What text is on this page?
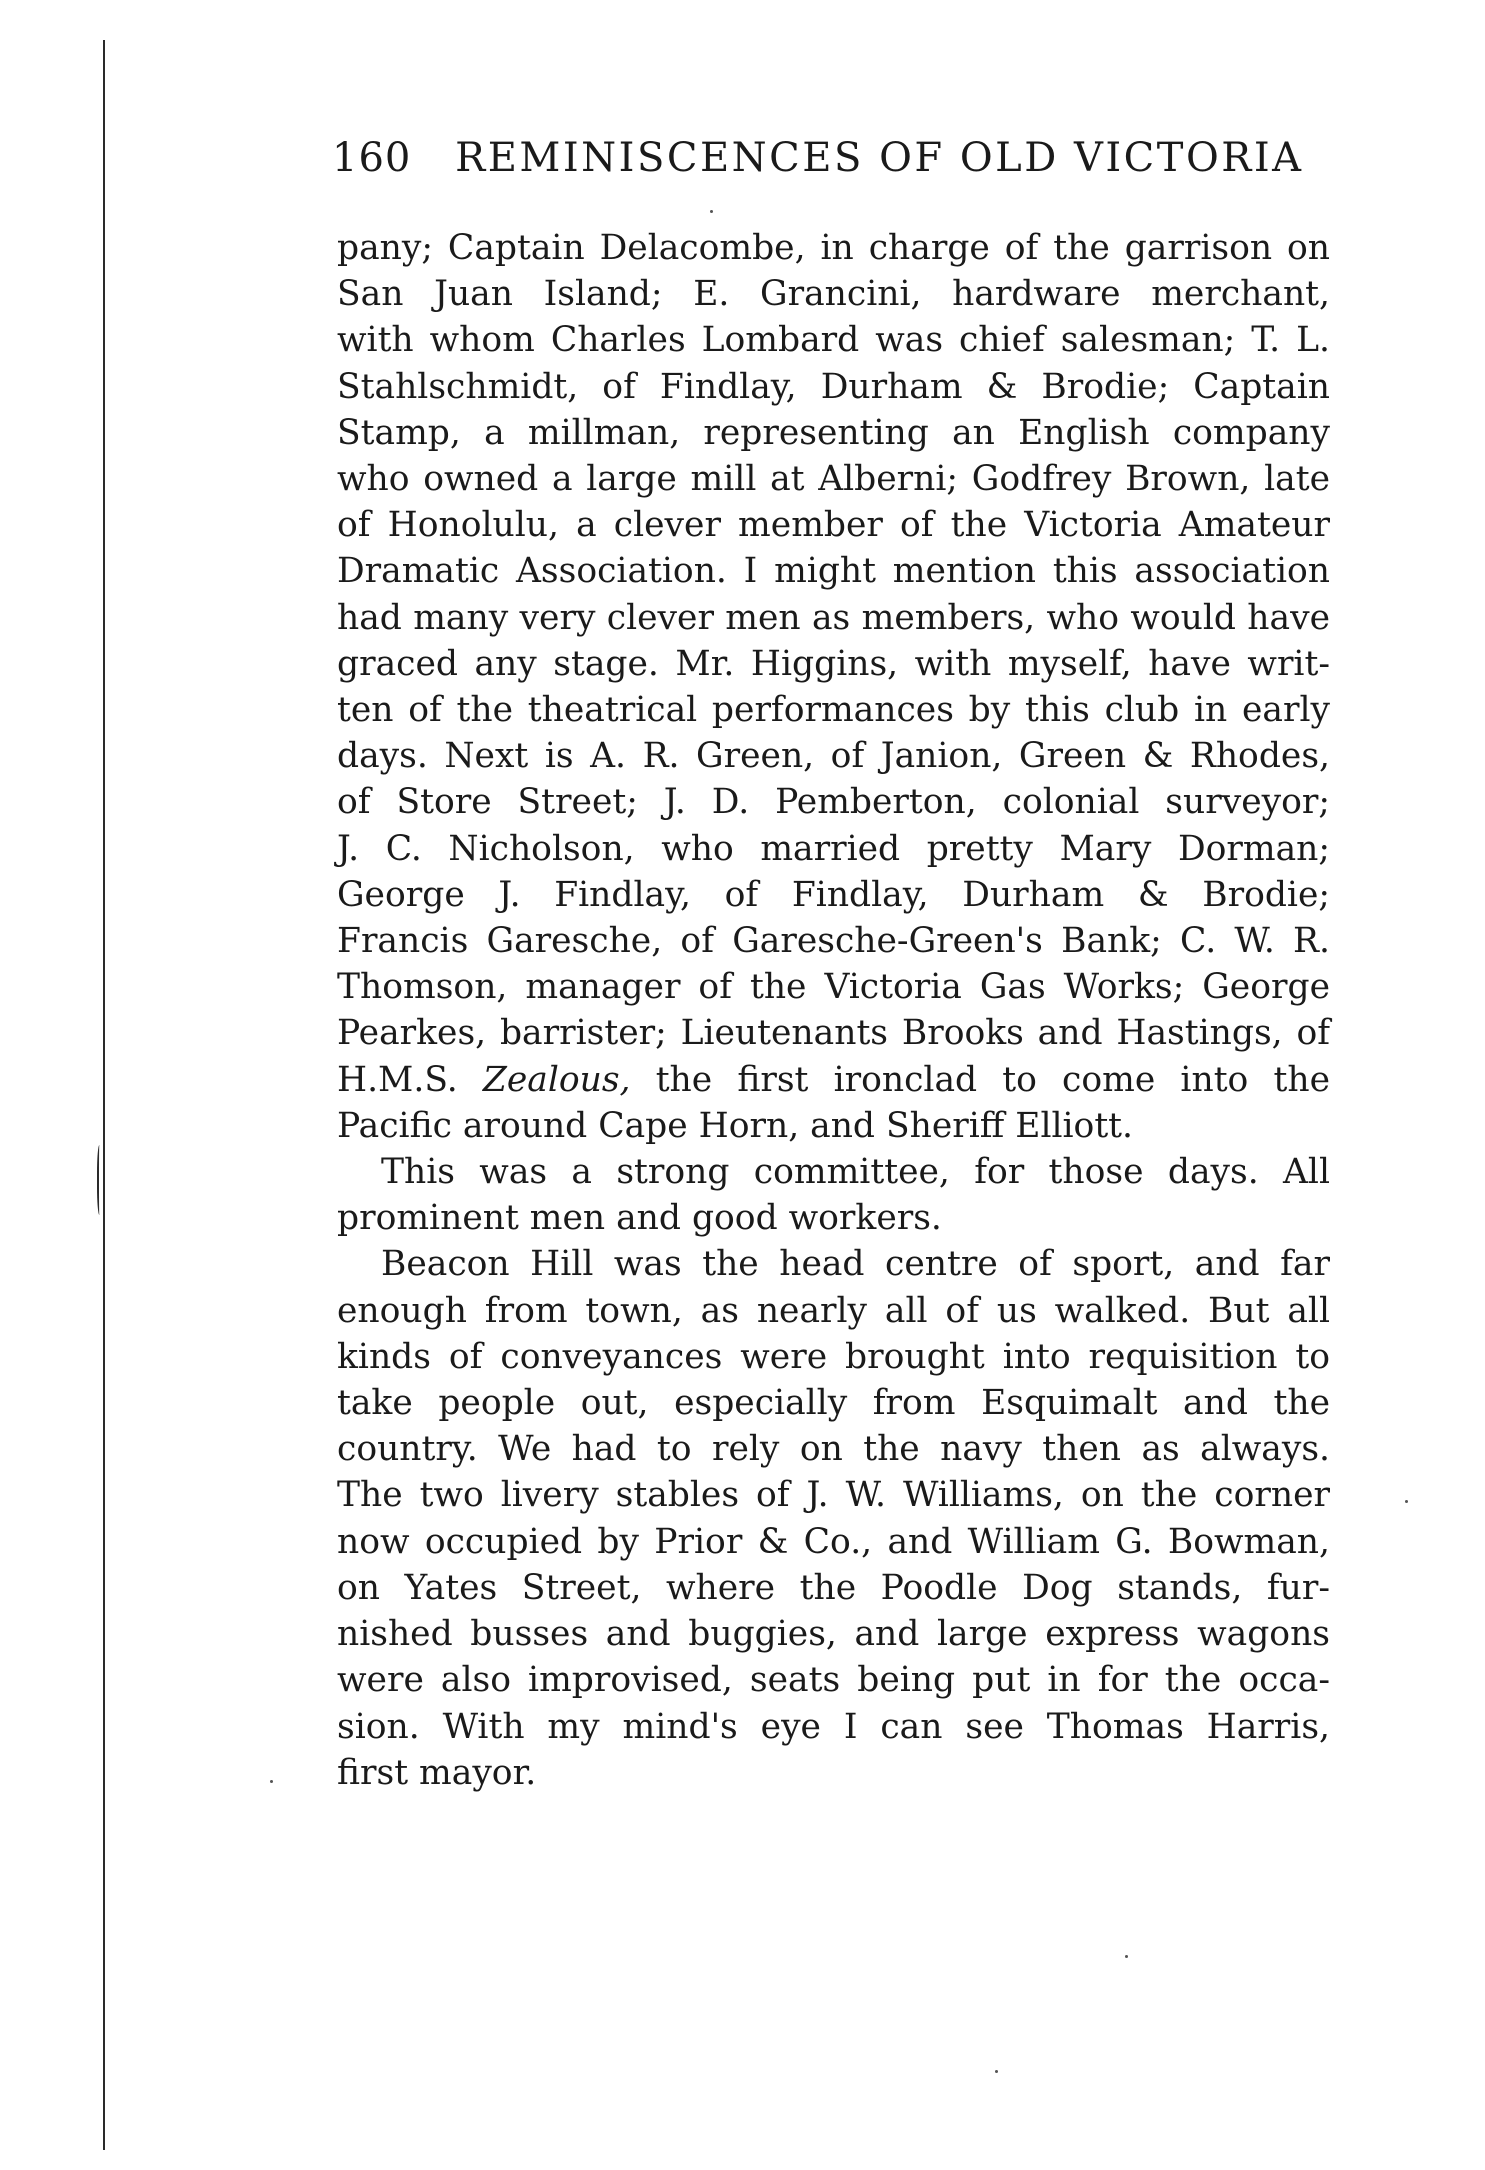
160 REMINISCENCES OF OLD VICTORIA
pany; Captain Delacombe, in charge of the garrison on
San Juan Island; E. Grancini, hardware merchant,
with whom Charles Lombard was chief salesman; T. L.
Stahlschmidt, of Findlay, Durham & Brodie; Captain
Stamp, a millman, representing an English company
who owned a large mill at Alberni; Godfrey Brown, late
of Honolulu, a clever member of the Victoria Amateur
Dramatic Association. I might mention this association
had many very clever men as members, who would have
graced any stage. Mr. Higgins, with myself, have writ-
ten of the theatrical performances by this club in early
days. Next is A. R. Green, of Janion, Green & Rhodes,
of Store Street; J. D. Pemberton, colonial surveyor;
J. C. Nicholson, who married pretty Mary Dorman;
George J. Findlay, of Findlay, Durham & Brodie;
Francis Garesche, of Garesche-Green's Bank; C. W. R.
Thomson, manager of the Victoria Gas Works; George
Pearkes, barrister; Lieutenants Brooks and Hastings, of
H.M.S. Zealous, the first ironclad to come into the
Pacific around Cape Horn, and Sheriff Elliott.
This was a strong committee, for those days. All
prominent men and good workers.
Beacon Hill was the head centre of sport, and far
enough from town, as nearly all of us walked. But all
kinds of conveyances were brought into requisition to
take people out, especially from Esquimalt and the
country. We had to rely on the navy then as always.
The two livery stables of J. W. Williams, on the corner
now occupied by Prior & Co., and William G. Bowman,
on Yates Street, where the Poodle Dog stands, fur-
nished busses and buggies, and large express wagons
were also improvised, seats being put in for the occa-
sion. With my mind's eye I can see Thomas Harris,
first mayor.
